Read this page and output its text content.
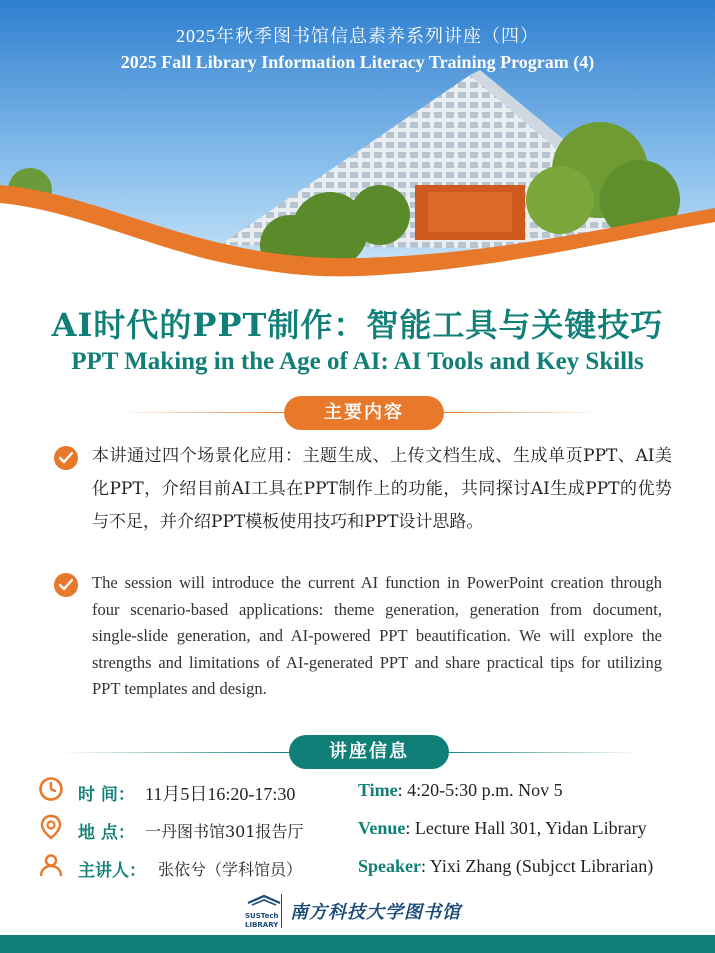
2025年秋季图书馆信息素养系列讲座（四）
2025 Fall Library Information Literacy Training Program (4)
AI时代的PPT制作：智能工具与关键技巧
PPT Making in the Age of AI: AI Tools and Key Skills
主要内容
本讲通过四个场景化应用：主题生成、上传文档生成、生成单页PPT、AI美化PPT，介绍目前AI工具在PPT制作上的功能，共同探讨AI生成PPT的优势与不足，并介绍PPT模板使用技巧和PPT设计思路。
The session will introduce the current AI function in PowerPoint creation through four scenario-based applications: theme generation, generation from document, single-slide generation, and AI-powered PPT beautification. We will explore the strengths and limitations of AI-generated PPT and share practical tips for utilizing PPT templates and design.
讲座信息
时 间： 11月5日16:20-17:30	Time: 4:20-5:30 p.m. Nov 5
地 点： 一丹图书馆301报告厅	Venue: Lecture Hall 301, Yidan Library
主讲人： 张依兮（学科馆员）	Speaker: Yixi Zhang (Subjcct Librarian)
SUSTech
LIBRARY
南方科技大学图书馆
